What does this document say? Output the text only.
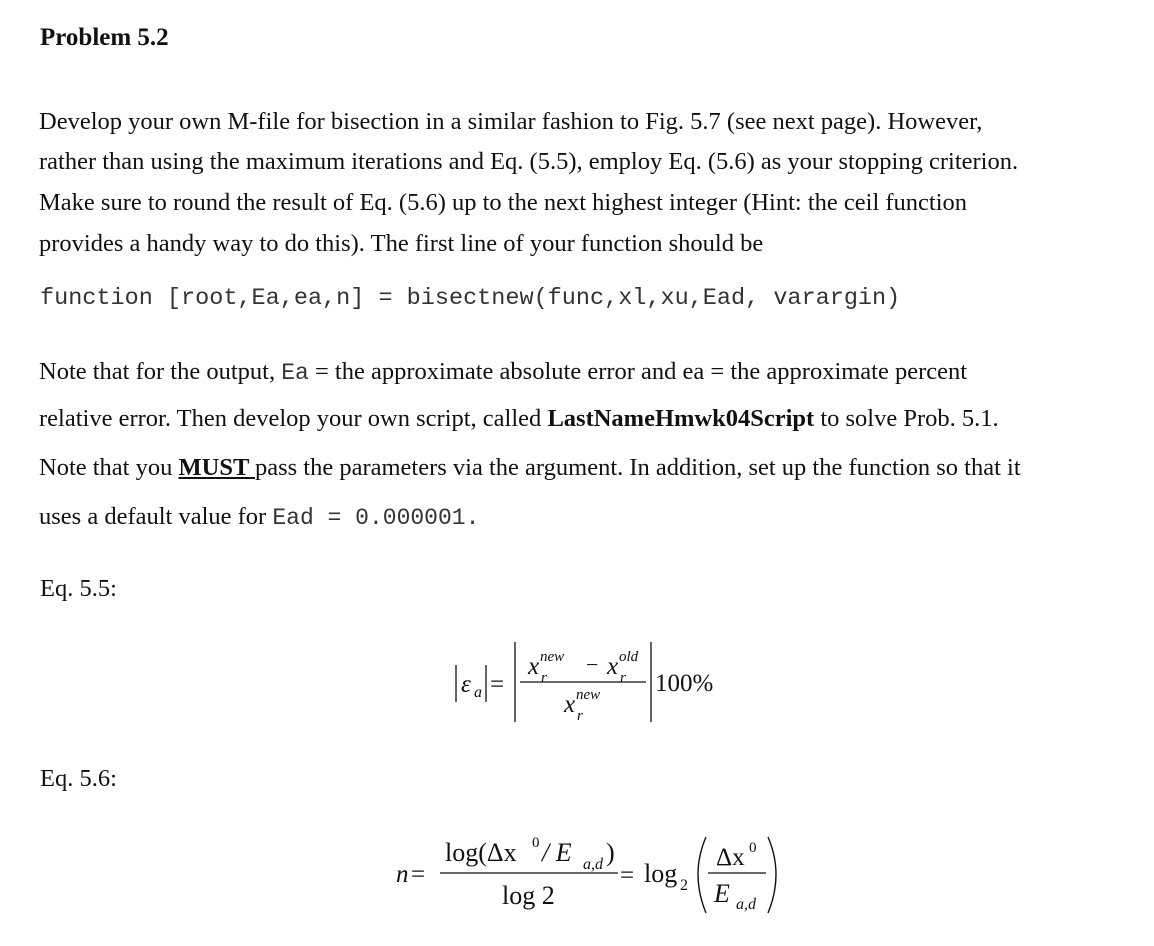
Problem 5.2
Develop your own M-file for bisection in a similar fashion to Fig. 5.7 (see next page). However,
rather than using the maximum iterations and Eq. (5.5), employ Eq. (5.6) as your stopping criterion.
Make sure to round the result of Eq. (5.6) up to the next highest integer (Hint: the ceil function
provides a handy way to do this). The first line of your function should be
function [root,Ea,ea,n] = bisectnew(func,xl,xu,Ead, varargin)
Note that for the output, Ea = the approximate absolute error and ea = the approximate percent
relative error. Then develop your own script, called LastNameHmwk04Script to solve Prob. 5.1.
Note that you MUST pass the parameters via the argument. In addition, set up the function so that it
uses a default value for Ead = 0.000001.
Eq. 5.5:
ε a =
x new
r
− x old
r
x new
r
100%
Eq. 5.6:
n =
log(Δx 0 / E a,d )
log 2
= log 2
Δx 0
E a,d
